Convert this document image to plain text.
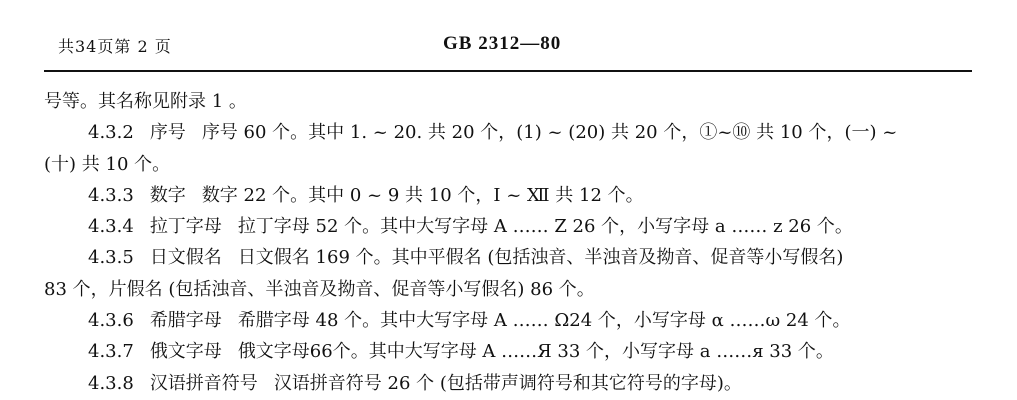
共34页第 2 页	GB 2312—80
号等。其名称见附录 1 。
4.3.2 序号 序号 60 个。其中 1. ~ 20. 共 20 个，(1) ~ (20) 共 20 个，①~⑩ 共 10 个，(一) ~
(十) 共 10 个。
4.3.3 数字 数字 22 个。其中 0 ~ 9 共 10 个，Ⅰ ~ Ⅻ 共 12 个。
4.3.4 拉丁字母 拉丁字母 52 个。其中大写字母 A …… Z 26 个，小写字母 a …… z 26 个。
4.3.5 日文假名 日文假名 169 个。其中平假名 (包括浊音、半浊音及拗音、促音等小写假名)
83 个，片假名 (包括浊音、半浊音及拗音、促音等小写假名) 86 个。
4.3.6 希腊字母 希腊字母 48 个。其中大写字母 A …… Ω24 个，小写字母 α ……ω 24 个。
4.3.7 俄文字母 俄文字母66个。其中大写字母 A ……Я 33 个，小写字母 a ……я 33 个。
4.3.8 汉语拼音符号 汉语拼音符号 26 个 (包括带声调符号和其它符号的字母)。
